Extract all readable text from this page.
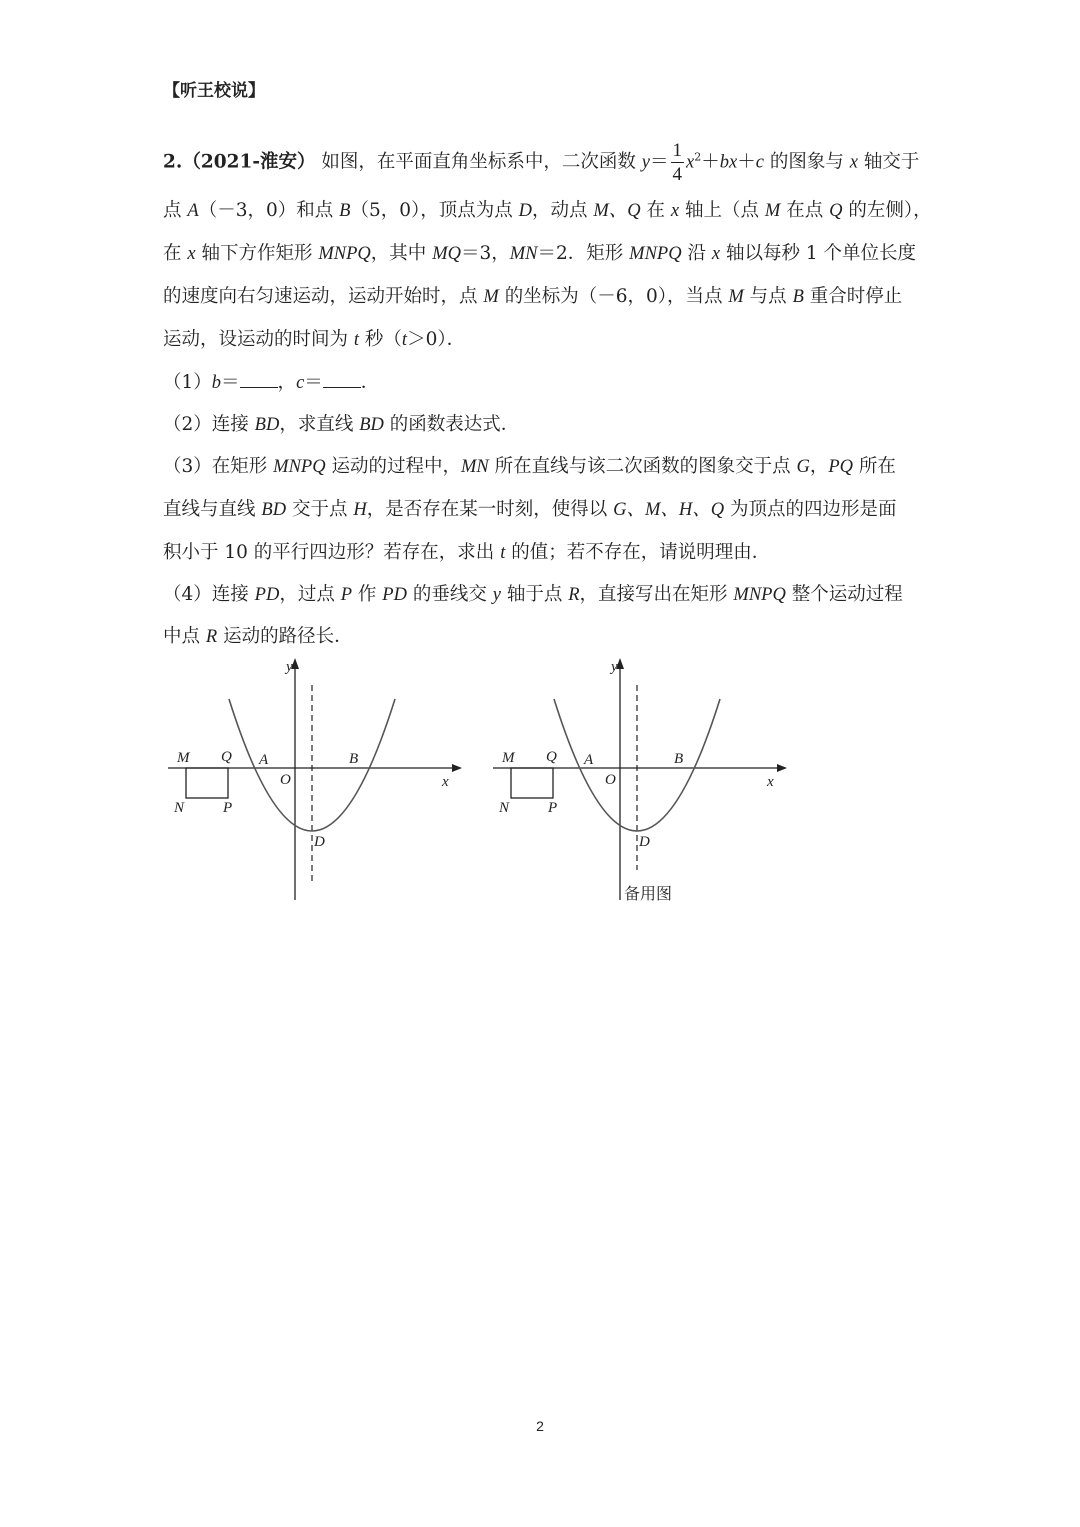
【听王校说】
2.（2021-淮安） 如图，在平面直角坐标系中，二次函数 $y= \frac{1}{4} x^2+bx+c$ 的图象与 x 轴交于
点 A（－3，0）和点 B（5，0），顶点为点 D，动点 M、Q 在 x 轴上（点 M 在点 Q 的左侧），
在 x 轴下方作矩形 MNPQ，其中 MQ＝3，MN＝2．矩形 MNPQ 沿 x 轴以每秒 1 个单位长度
的速度向右匀速运动，运动开始时，点 M 的坐标为（－6，0），当点 M 与点 B 重合时停止
运动，设运动的时间为 t 秒（t＞0）．
（1）b＝ ，c＝ ．
（2）连接 BD，求直线 BD 的函数表达式．
（3）在矩形 MNPQ 运动的过程中，MN 所在直线与该二次函数的图象交于点 G，PQ 所在
直线与直线 BD 交于点 H，是否存在某一时刻，使得以 G、M、H、Q 为顶点的四边形是面
积小于 10 的平行四边形？若存在，求出 t 的值；若不存在，请说明理由．
（4）连接 PD，过点 P 作 PD 的垂线交 y 轴于点 R，直接写出在矩形 MNPQ 整个运动过程
中点 R 运动的路径长．
y
x
O
A	B
D
M Q
N	P
y
x
O
A	B
D
M Q
N	P
备用图
2
